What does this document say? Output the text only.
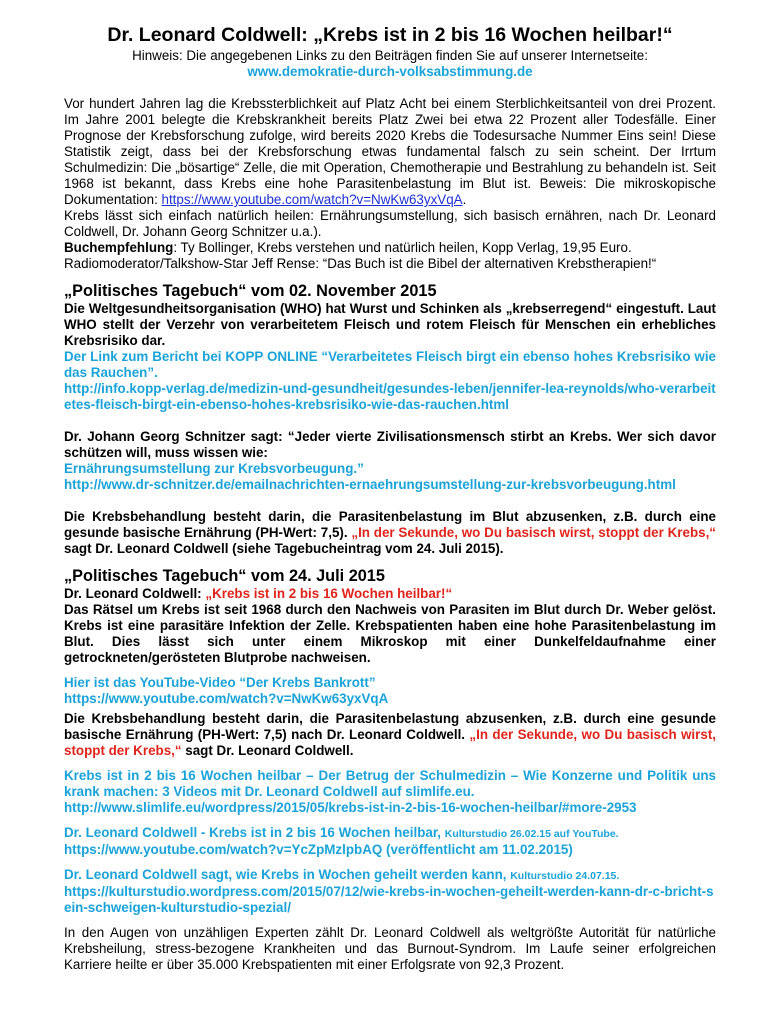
Dr. Leonard Coldwell: „Krebs ist in 2 bis 16 Wochen heilbar!“
Hinweis: Die angegebenen Links zu den Beiträgen finden Sie auf unserer Internetseite:
www.demokratie-durch-volksabstimmung.de

Vor hundert Jahren lag die Krebssterblichkeit auf Platz Acht bei einem Sterblichkeitsanteil von drei Prozent. Im Jahre 2001 belegte die Krebskrankheit bereits Platz Zwei bei etwa 22 Prozent aller Todesfälle. Einer Prognose der Krebsforschung zufolge, wird bereits 2020 Krebs die Todesursache Nummer Eins sein! Diese Statistik zeigt, dass bei der Krebsforschung etwas fundamental falsch zu sein scheint. Der Irrtum Schulmedizin: Die „bösartige“ Zelle, die mit Operation, Chemotherapie und Bestrahlung zu behandeln ist. Seit 1968 ist bekannt, dass Krebs eine hohe Parasitenbelastung im Blut ist. Beweis: Die mikroskopische Dokumentation: https://www.youtube.com/watch?v=NwKw63yxVqA.

Krebs lässt sich einfach natürlich heilen: Ernährungsumstellung, sich basisch ernähren, nach Dr. Leonard Coldwell, Dr. Johann Georg Schnitzer u.a.).

Buchempfehlung: Ty Bollinger, Krebs verstehen und natürlich heilen, Kopp Verlag, 19,95 Euro.

Radiomoderator/Talkshow-Star Jeff Rense: “Das Buch ist die Bibel der alternativen Krebstherapien!“

„Politisches Tagebuch“ vom 02. November 2015

Die Weltgesundheitsorganisation (WHO) hat Wurst und Schinken als „krebserregend“ eingestuft. Laut WHO stellt der Verzehr von verarbeitetem Fleisch und rotem Fleisch für Menschen ein erhebliches Krebsrisiko dar.

Der Link zum Bericht bei KOPP ONLINE “Verarbeitetes Fleisch birgt ein ebenso hohes Krebsrisiko wie das Rauchen”.

http://info.kopp-verlag.de/medizin-und-gesundheit/gesundes-leben/jennifer-lea-reynolds/who-verarbeitetes-fleisch-birgt-ein-ebenso-hohes-krebsrisiko-wie-das-rauchen.html

Dr. Johann Georg Schnitzer sagt: “Jeder vierte Zivilisationsmensch stirbt an Krebs. Wer sich davor schützen will, muss wissen wie:

Ernährungsumstellung zur Krebsvorbeugung.”

http://www.dr-schnitzer.de/emailnachrichten-ernaehrungsumstellung-zur-krebsvorbeugung.html

Die Krebsbehandlung besteht darin, die Parasitenbelastung im Blut abzusenken, z.B. durch eine gesunde basische Ernährung (PH-Wert: 7,5). „In der Sekunde, wo Du basisch wirst, stoppt der Krebs,“ sagt Dr. Leonard Coldwell (siehe Tagebucheintrag vom 24. Juli 2015).

„Politisches Tagebuch“ vom 24. Juli 2015

Dr. Leonard Coldwell: „Krebs ist in 2 bis 16 Wochen heilbar!“

Das Rätsel um Krebs ist seit 1968 durch den Nachweis von Parasiten im Blut durch Dr. Weber gelöst. Krebs ist eine parasitäre Infektion der Zelle. Krebspatienten haben eine hohe Parasitenbelastung im Blut. Dies lässt sich unter einem Mikroskop mit einer Dunkelfeldaufnahme einer getrockneten/gerösteten Blutprobe nachweisen.

Hier ist das YouTube-Video “Der Krebs Bankrott”

https://www.youtube.com/watch?v=NwKw63yxVqA

Die Krebsbehandlung besteht darin, die Parasitenbelastung abzusenken, z.B. durch eine gesunde basische Ernährung (PH-Wert: 7,5) nach Dr. Leonard Coldwell. „In der Sekunde, wo Du basisch wirst, stoppt der Krebs,“ sagt Dr. Leonard Coldwell.

Krebs ist in 2 bis 16 Wochen heilbar – Der Betrug der Schulmedizin – Wie Konzerne und Politik uns krank machen: 3 Videos mit Dr. Leonard Coldwell auf slimlife.eu.

http://www.slimlife.eu/wordpress/2015/05/krebs-ist-in-2-bis-16-wochen-heilbar/#more-2953

Dr. Leonard Coldwell - Krebs ist in 2 bis 16 Wochen heilbar, Kulturstudio 26.02.15 auf YouTube.

https://www.youtube.com/watch?v=YcZpMzlpbAQ (veröffentlicht am 11.02.2015)

Dr. Leonard Coldwell sagt, wie Krebs in Wochen geheilt werden kann, Kulturstudio 24.07.15.

https://kulturstudio.wordpress.com/2015/07/12/wie-krebs-in-wochen-geheilt-werden-kann-dr-c-bricht-sein-schweigen-kulturstudio-spezial/

In den Augen von unzähligen Experten zählt Dr. Leonard Coldwell als weltgrößte Autorität für natürliche Krebsheilung, stress-bezogene Krankheiten und das Burnout-Syndrom. Im Laufe seiner erfolgreichen Karriere heilte er über 35.000 Krebspatienten mit einer Erfolgsrate von 92,3 Prozent.
